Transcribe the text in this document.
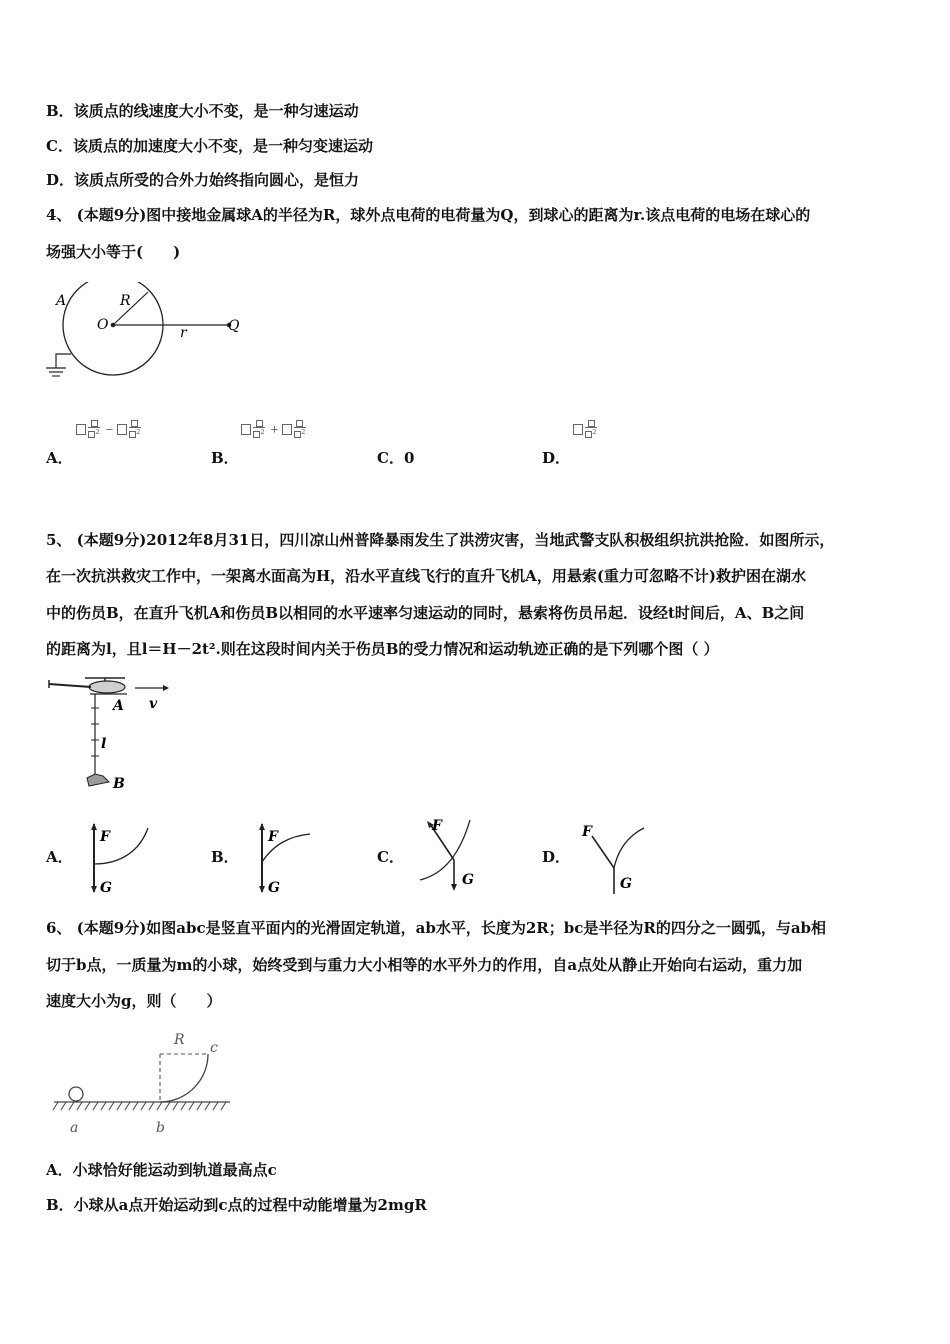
B．该质点的线速度大小不变，是一种匀速运动
C．该质点的加速度大小不变，是一种匀变速运动
D．该质点所受的合外力始终指向圆心，是恒力
4、 (本题9分)图中接地金属球A的半径为R，球外点电荷的电荷量为Q，到球心的距离为r.该点电荷的电场在球心的
场强大小等于(　　)
A	R
O	r	Q
$^2$ −	$^2$	$^2$ +	$^2$	$^2$
A．	B．	C．0	D．
5、 (本题9分)2012年8月31日，四川凉山州普降暴雨发生了洪涝灾害，当地武警支队积极组织抗洪抢险．如图所示，
在一次抗洪救灾工作中，一架离水面高为H，沿水平直线飞行的直升飞机A，用悬索(重力可忽略不计)救护困在湖水
中的伤员B，在直升飞机A和伤员B以相同的水平速率匀速运动的同时，悬索将伤员吊起．设经t时间后，A、B之间
的距离为l，且l＝H－2t².则在这段时间内关于伤员B的受力情况和运动轨迹正确的是下列哪个图（ ）
A v
l
B
A．
F
G
B．
F
G
C．
F
G
D．
F
G
6、 (本题9分)如图abc是竖直平面内的光滑固定轨道，ab水平，长度为2R；bc是半径为R的四分之一圆弧，与ab相
切于b点，一质量为m的小球，始终受到与重力大小相等的水平外力的作用，自a点处从静止开始向右运动，重力加
速度大小为g，则（　　）
R c
a	b
A．小球恰好能运动到轨道最高点c
B．小球从a点开始运动到c点的过程中动能增量为2mgR
